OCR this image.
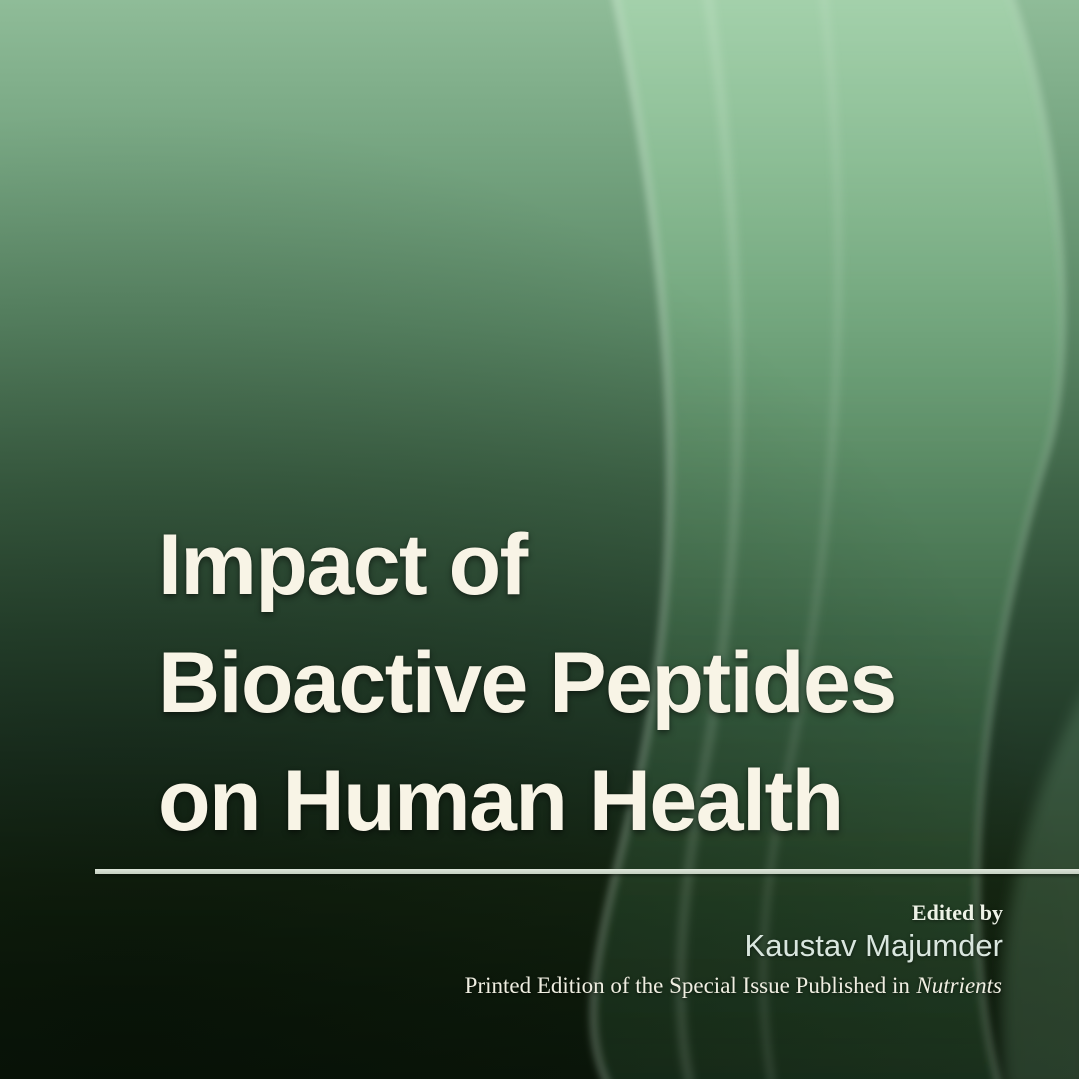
Impact of
Bioactive Peptides
on Human Health
Edited by
Kaustav Majumder
Printed Edition of the Special Issue Published in Nutrients
